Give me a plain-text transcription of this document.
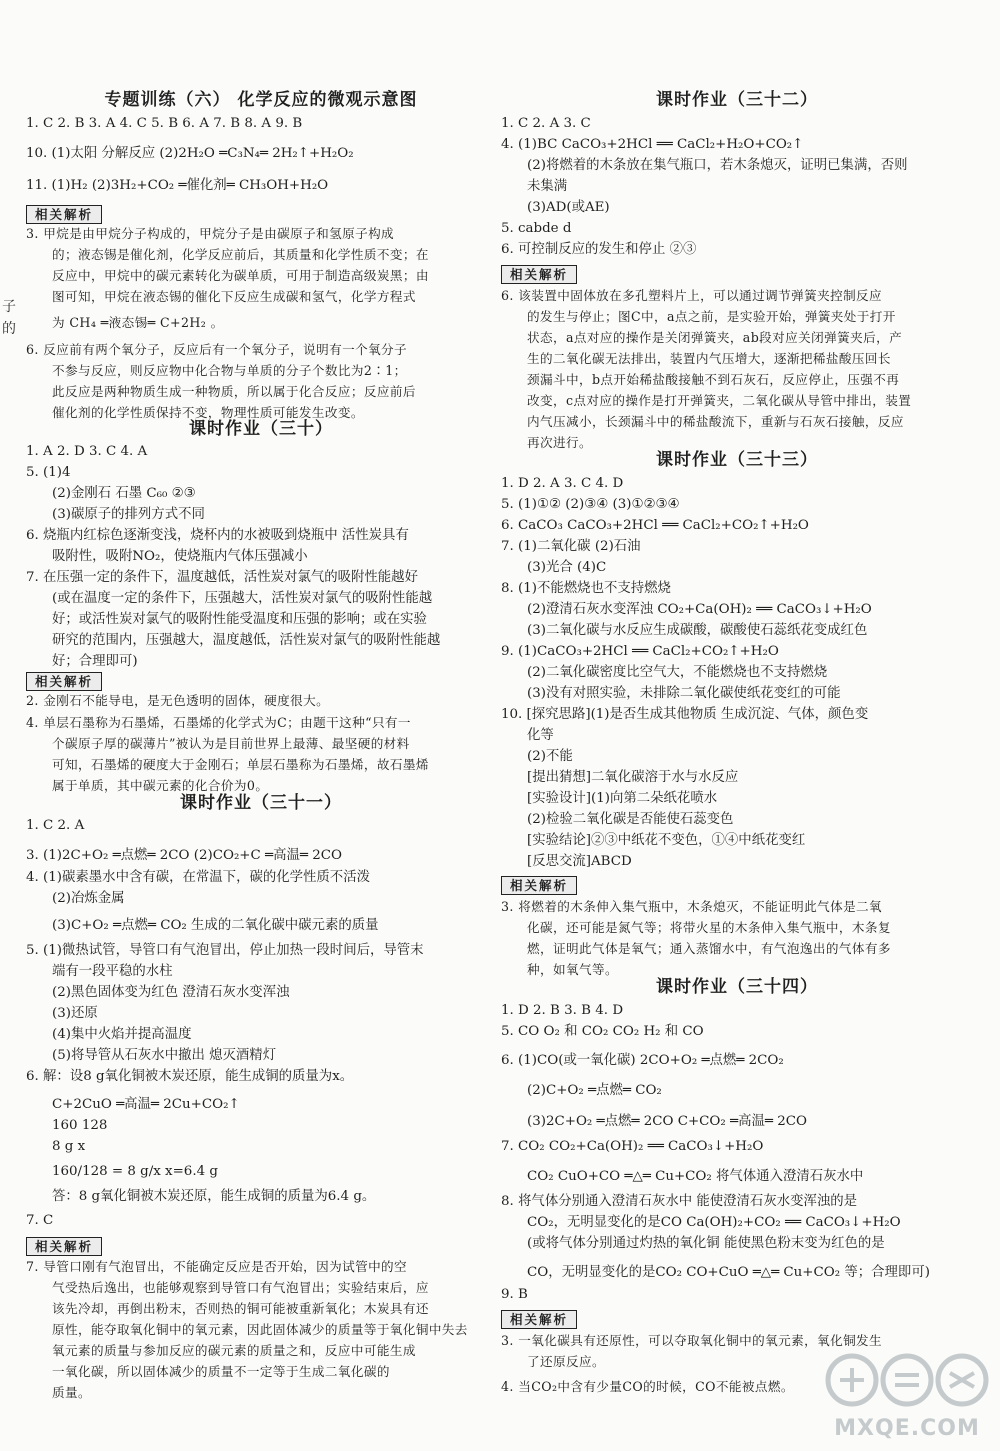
子
的
专题训练（六） 化学反应的微观示意图
1. C 2. B 3. A 4. C 5. B 6. A 7. B 8. A 9. B
10. (1)太阳 分解反应 (2)2H₂O ═C₃N₄═ 2H₂↑+H₂O₂
11. (1)H₂ (2)3H₂+CO₂ ═催化剂═ CH₃OH+H₂O
相关解析
3. 甲烷是由甲烷分子构成的，甲烷分子是由碳原子和氢原子构成
的；液态锡是催化剂，化学反应前后，其质量和化学性质不变；在
反应中，甲烷中的碳元素转化为碳单质，可用于制造高级炭黑；由
图可知，甲烷在液态锡的催化下反应生成碳和氢气，化学方程式
为 CH₄ ═液态锡═ C+2H₂ 。
6. 反应前有两个氧分子，反应后有一个氧分子，说明有一个氧分子
不参与反应，则反应物中化合物与单质的分子个数比为2∶1；
此反应是两种物质生成一种物质，所以属于化合反应；反应前后
催化剂的化学性质保持不变，物理性质可能发生改变。
课时作业（三十）
1. A 2. D 3. C 4. A
5. (1)4
(2)金刚石 石墨 C₆₀ ②③
(3)碳原子的排列方式不同
6. 烧瓶内红棕色逐渐变浅，烧杯内的水被吸到烧瓶中 活性炭具有
吸附性，吸附NO₂，使烧瓶内气体压强减小
7. 在压强一定的条件下，温度越低，活性炭对氯气的吸附性能越好
(或在温度一定的条件下，压强越大，活性炭对氯气的吸附性能越
好；或活性炭对氯气的吸附性能受温度和压强的影响；或在实验
研究的范围内，压强越大，温度越低，活性炭对氯气的吸附性能越
好；合理即可)
相关解析
2. 金刚石不能导电，是无色透明的固体，硬度很大。
4. 单层石墨称为石墨烯，石墨烯的化学式为C；由题干这种“只有一
个碳原子厚的碳薄片”被认为是目前世界上最薄、最坚硬的材料
可知，石墨烯的硬度大于金刚石；单层石墨称为石墨烯，故石墨烯
属于单质，其中碳元素的化合价为0。
课时作业（三十一）
1. C 2. A
3. (1)2C+O₂ ═点燃═ 2CO (2)CO₂+C ═高温═ 2CO
4. (1)碳素墨水中含有碳，在常温下，碳的化学性质不活泼
(2)冶炼金属
(3)C+O₂ ═点燃═ CO₂ 生成的二氧化碳中碳元素的质量
5. (1)微热试管，导管口有气泡冒出，停止加热一段时间后，导管末
端有一段平稳的水柱
(2)黑色固体变为红色 澄清石灰水变浑浊
(3)还原
(4)集中火焰并提高温度
(5)将导管从石灰水中撤出 熄灭酒精灯
6. 解：设8 g氧化铜被木炭还原，能生成铜的质量为x。
C+2CuO ═高温═ 2Cu+CO₂↑
160 128
8 g x
160/128 = 8 g/x x=6.4 g
答：8 g氧化铜被木炭还原，能生成铜的质量为6.4 g。
7. C
相关解析
7. 导管口刚有气泡冒出，不能确定反应是否开始，因为试管中的空
气受热后逸出，也能够观察到导管口有气泡冒出；实验结束后，应
该先冷却，再倒出粉末，否则热的铜可能被重新氧化；木炭具有还
原性，能夺取氧化铜中的氧元素，因此固体减少的质量等于氧化铜中失去
氧元素的质量与参加反应的碳元素的质量之和，反应中可能生成
一氧化碳，所以固体减少的质量不一定等于生成二氧化碳的
质量。
课时作业（三十二）
1. C 2. A 3. C
4. (1)BC CaCO₃+2HCl ══ CaCl₂+H₂O+CO₂↑
(2)将燃着的木条放在集气瓶口，若木条熄灭，证明已集满，否则
未集满
(3)AD(或AE)
5. cabde d
6. 可控制反应的发生和停止 ②③
相关解析
6. 该装置中固体放在多孔塑料片上，可以通过调节弹簧夹控制反应
的发生与停止；图C中，a点之前，是实验开始，弹簧夹处于打开
状态，a点对应的操作是关闭弹簧夹，ab段对应关闭弹簧夹后，产
生的二氧化碳无法排出，装置内气压增大，逐渐把稀盐酸压回长
颈漏斗中，b点开始稀盐酸接触不到石灰石，反应停止，压强不再
改变，c点对应的操作是打开弹簧夹，二氧化碳从导管中排出，装置
内气压减小，长颈漏斗中的稀盐酸流下，重新与石灰石接触，反应
再次进行。
课时作业（三十三）
1. D 2. A 3. C 4. D
5. (1)①② (2)③④ (3)①②③④
6. CaCO₃ CaCO₃+2HCl ══ CaCl₂+CO₂↑+H₂O
7. (1)二氧化碳 (2)石油
(3)光合 (4)C
8. (1)不能燃烧也不支持燃烧
(2)澄清石灰水变浑浊 CO₂+Ca(OH)₂ ══ CaCO₃↓+H₂O
(3)二氧化碳与水反应生成碳酸，碳酸使石蕊纸花变成红色
9. (1)CaCO₃+2HCl ══ CaCl₂+CO₂↑+H₂O
(2)二氧化碳密度比空气大，不能燃烧也不支持燃烧
(3)没有对照实验，未排除二氧化碳使纸花变红的可能
10. [探究思路](1)是否生成其他物质 生成沉淀、气体，颜色变
化等
(2)不能
[提出猜想]二氧化碳溶于水与水反应
[实验设计](1)向第二朵纸花喷水
(2)检验二氧化碳是否能使石蕊变色
[实验结论]②③中纸花不变色，①④中纸花变红
[反思交流]ABCD
相关解析
3. 将燃着的木条伸入集气瓶中，木条熄灭，不能证明此气体是二氧
化碳，还可能是氮气等；将带火星的木条伸入集气瓶中，木条复
燃，证明此气体是氧气；通入蒸馏水中，有气泡逸出的气体有多
种，如氧气等。
课时作业（三十四）
1. D 2. B 3. B 4. D
5. CO O₂ 和 CO₂ CO₂ H₂ 和 CO
6. (1)CO(或一氧化碳) 2CO+O₂ ═点燃═ 2CO₂
(2)C+O₂ ═点燃═ CO₂
(3)2C+O₂ ═点燃═ 2CO C+CO₂ ═高温═ 2CO
7. CO₂ CO₂+Ca(OH)₂ ══ CaCO₃↓+H₂O
CO₂ CuO+CO ═△═ Cu+CO₂ 将气体通入澄清石灰水中
8. 将气体分别通入澄清石灰水中 能使澄清石灰水变浑浊的是
CO₂，无明显变化的是CO Ca(OH)₂+CO₂ ══ CaCO₃↓+H₂O
(或将气体分别通过灼热的氧化铜 能使黑色粉末变为红色的是
CO，无明显变化的是CO₂ CO+CuO ═△═ Cu+CO₂ 等；合理即可)
9. B
相关解析
3. 一氧化碳具有还原性，可以夺取氧化铜中的氧元素，氧化铜发生
了还原反应。
4. 当CO₂中含有少量CO的时候，CO不能被点燃。
MXQE.COM
